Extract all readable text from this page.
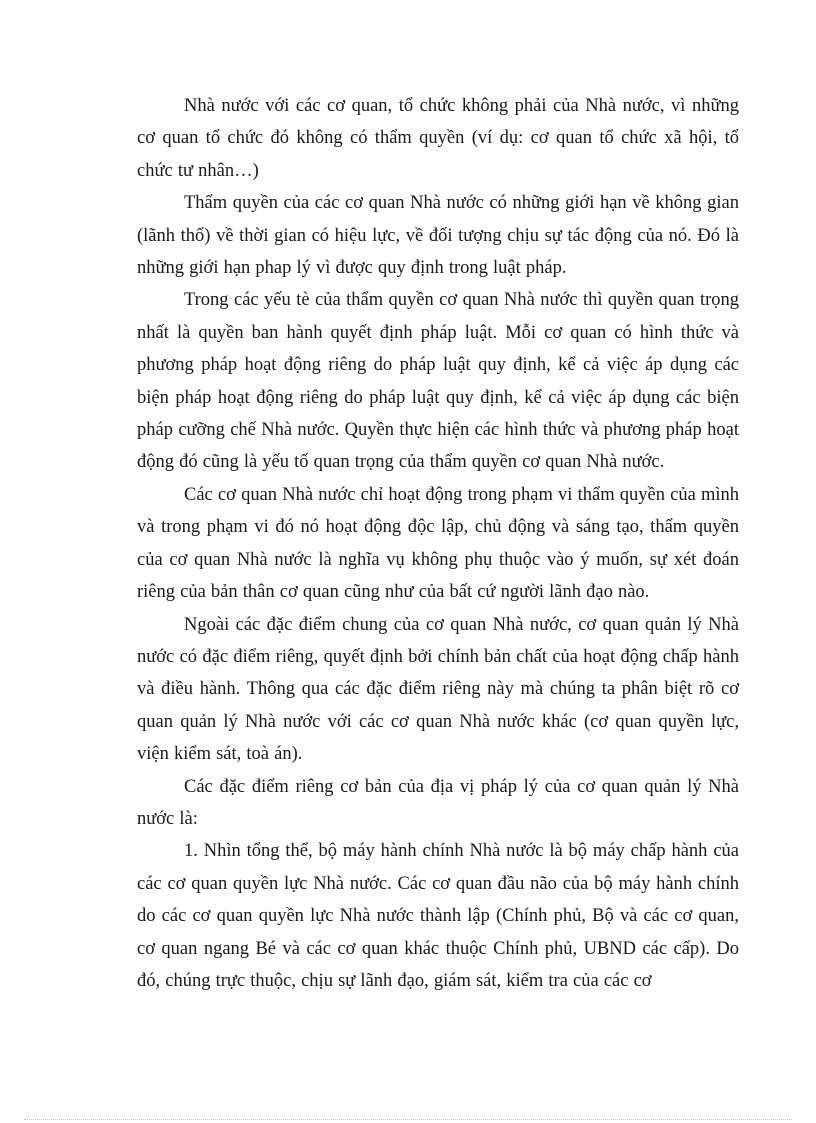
Nhà nước với các cơ quan, tổ chức không phải của Nhà nước, vì những cơ quan tổ chức đó không có thẩm quyền (ví dụ: cơ quan tổ chức xã hội, tổ chức tư nhân…)

Thẩm quyền của các cơ quan Nhà nước có những giới hạn về không gian (lãnh thổ) về thời gian có hiệu lực, về đối tượng chịu sự tác động của nó. Đó là những giới hạn phap lý vì được quy định trong luật pháp.

Trong các yếu tè của thẩm quyền cơ quan Nhà nước thì quyền quan trọng nhất là quyền ban hành quyết định pháp luật. Mỗi cơ quan có hình thức và phương pháp hoạt động riêng do pháp luật quy định, kể cả việc áp dụng các biện pháp hoạt động riêng do pháp luật quy định, kể cả việc áp dụng các biện pháp cưỡng chế Nhà nước. Quyền thực hiện các hình thức và phương pháp hoạt động đó cũng là yếu tố quan trọng của thẩm quyền cơ quan Nhà nước.

Các cơ quan Nhà nước chỉ hoạt động trong phạm vi thẩm quyền của mình và trong phạm vi đó nó hoạt động độc lập, chủ động và sáng tạo, thẩm quyền của cơ quan Nhà nước là nghĩa vụ không phụ thuộc vào ý muốn, sự xét đoán riêng của bản thân cơ quan cũng như của bất cứ người lãnh đạo nào.

Ngoài các đặc điểm chung của cơ quan Nhà nước, cơ quan quản lý Nhà nước có đặc điểm riêng, quyết định bởi chính bản chất của hoạt động chấp hành và điều hành. Thông qua các đặc điểm riêng này mà chúng ta phân biệt rõ cơ quan quản lý Nhà nước với các cơ quan Nhà nước khác (cơ quan quyền lực, viện kiểm sát, toà án).

Các đặc điểm riêng cơ bản của địa vị pháp lý của cơ quan quản lý Nhà nước là:

1. Nhìn tổng thể, bộ máy hành chính Nhà nước là bộ máy chấp hành của các cơ quan quyền lực Nhà nước. Các cơ quan đầu não của bộ máy hành chính do các cơ quan quyền lực Nhà nước thành lập (Chính phủ, Bộ và các cơ quan, cơ quan ngang Bé và các cơ quan khác thuộc Chính phủ, UBND các cấp). Do đó, chúng trực thuộc, chịu sự lãnh đạo, giám sát, kiểm tra của các cơ
